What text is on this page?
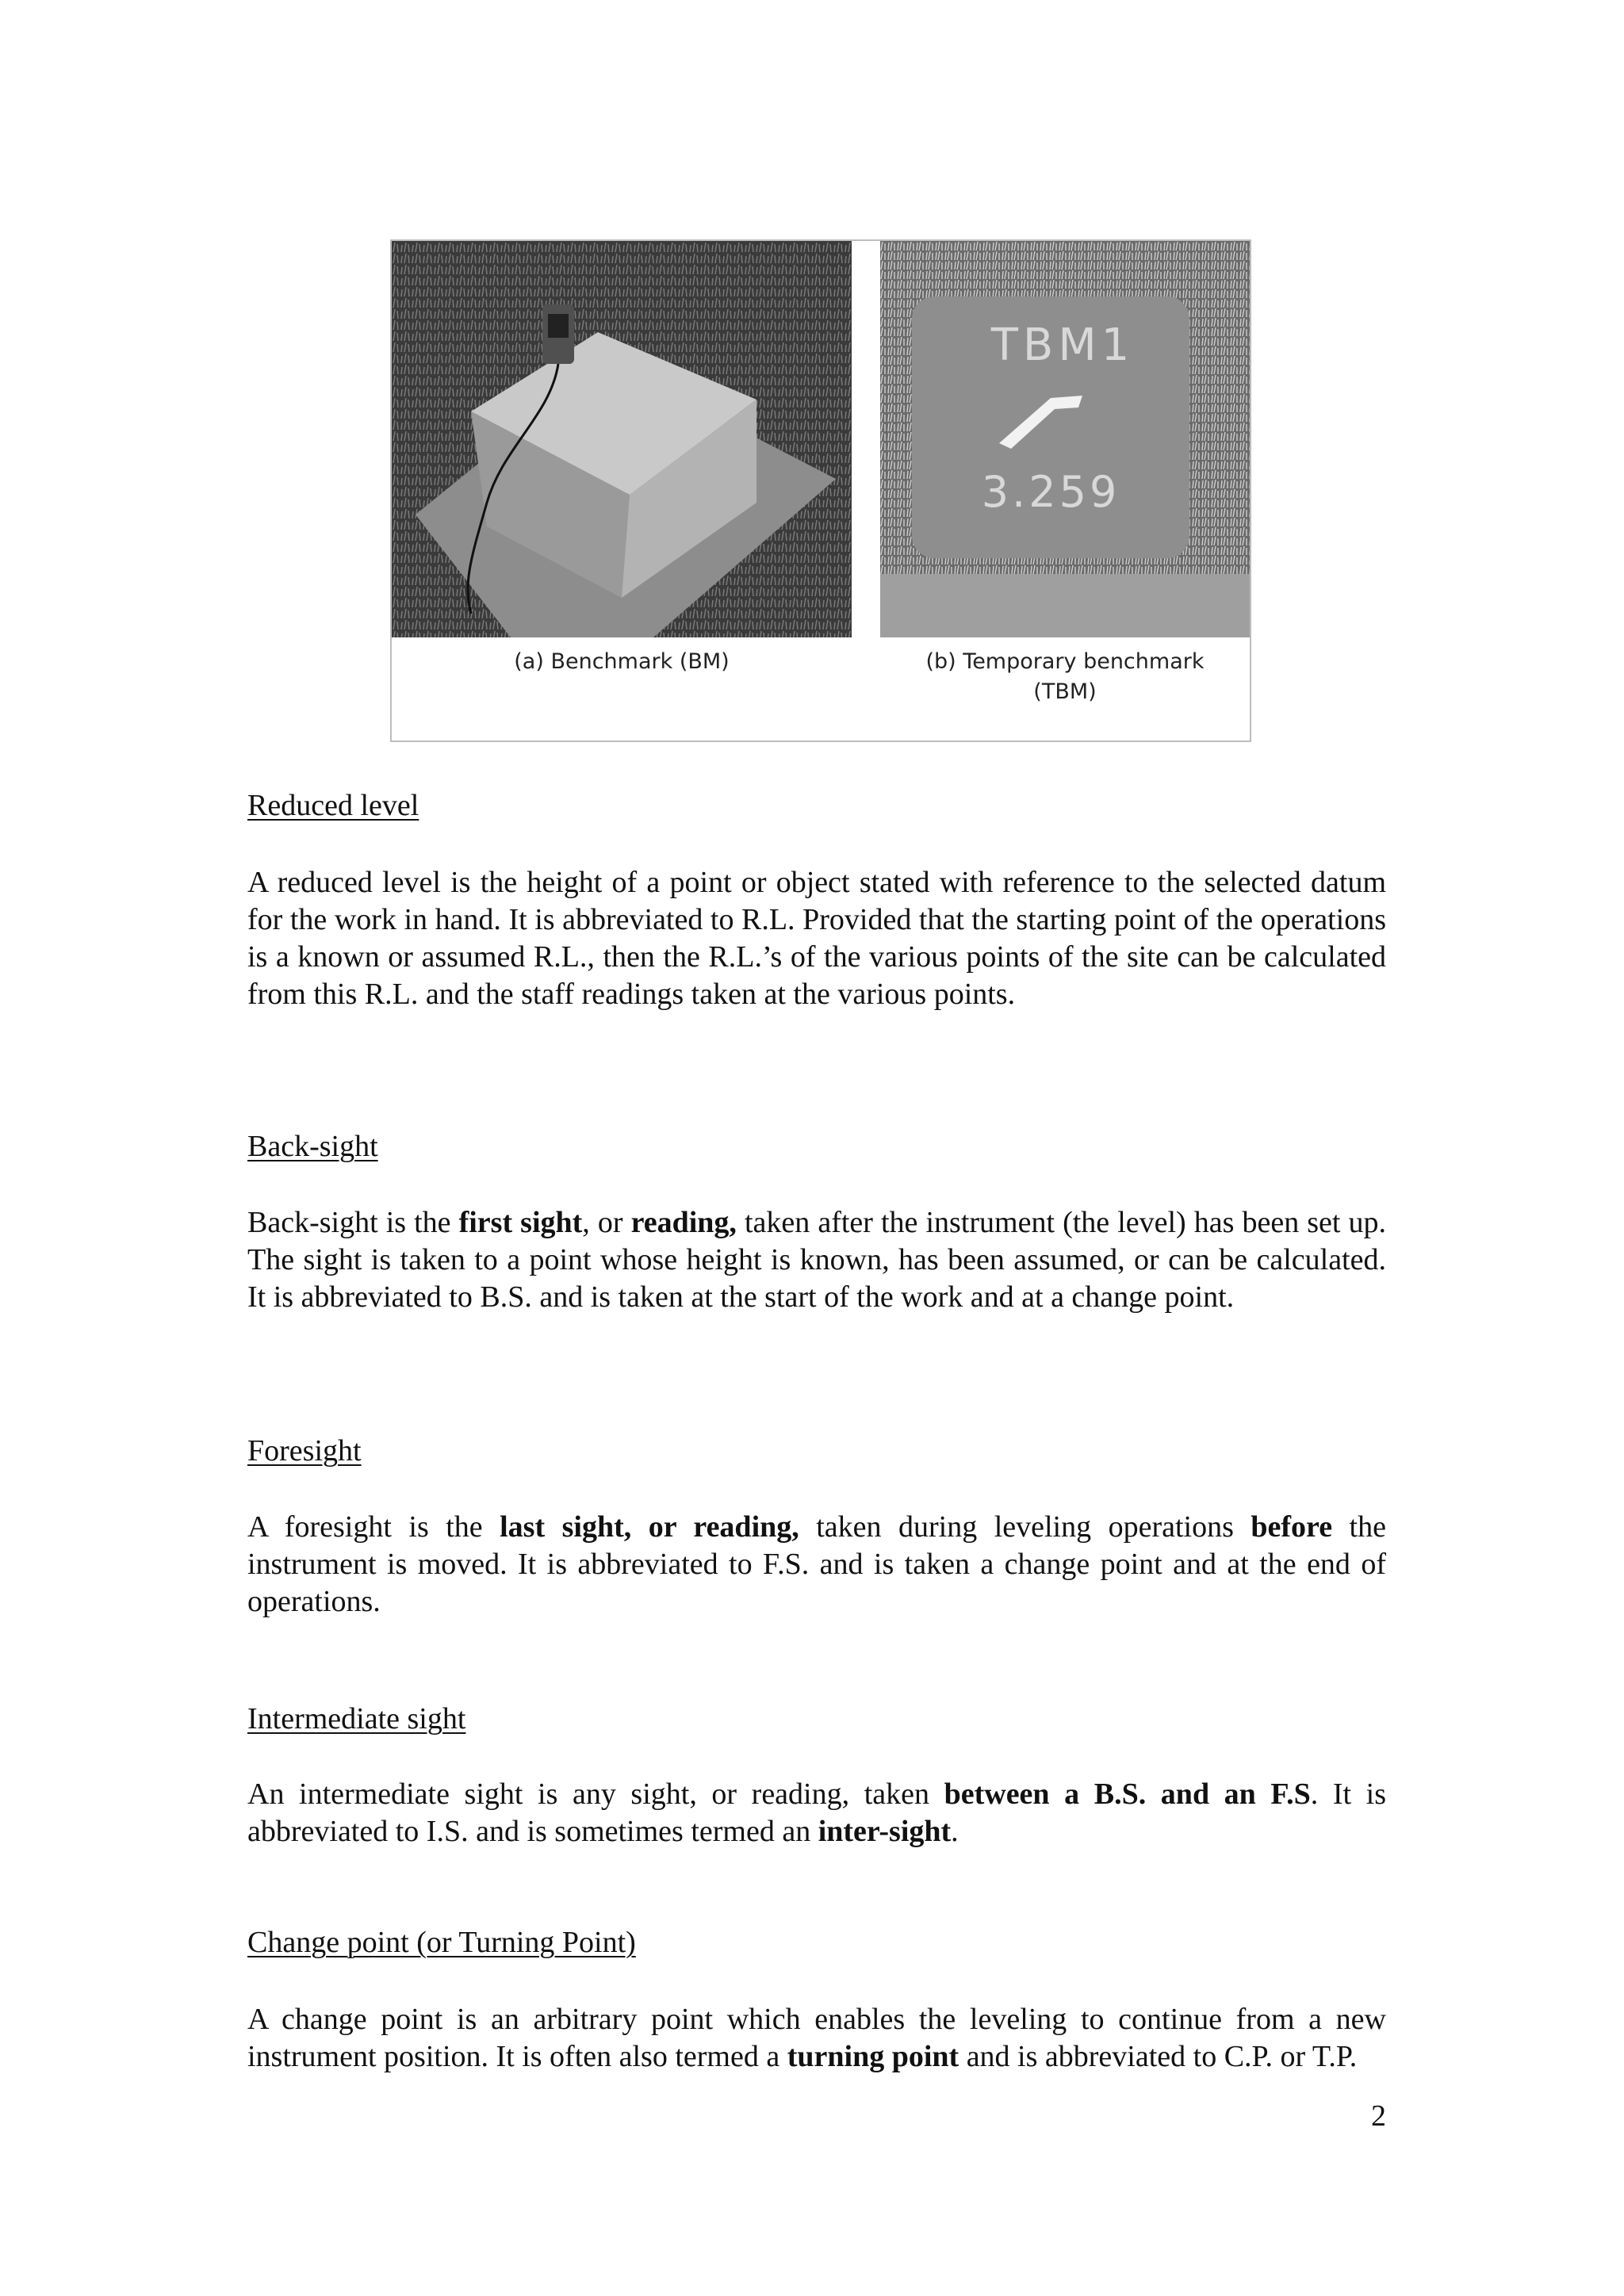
TBM1
3.259
(a) Benchmark (BM)	(b) Temporary benchmark
(TBM)
Reduced level

A reduced level is the height of a point or object stated with reference to the selected datum for the work in hand. It is abbreviated to R.L. Provided that the starting point of the operations is a known or assumed R.L., then the R.L.’s of the various points of the site can be calculated from this R.L. and the staff readings taken at the various points.

Back-sight

Back-sight is the first sight, or reading, taken after the instrument (the level) has been set up. The sight is taken to a point whose height is known, has been assumed, or can be calculated. It is abbreviated to B.S. and is taken at the start of the work and at a change point.

Foresight

A foresight is the last sight, or reading, taken during leveling operations before the instrument is moved. It is abbreviated to F.S. and is taken a change point and at the end of operations.

Intermediate sight

An intermediate sight is any sight, or reading, taken between a B.S. and an F.S. It is abbreviated to I.S. and is sometimes termed an inter-sight.

Change point (or Turning Point)

A change point is an arbitrary point which enables the leveling to continue from a new instrument position. It is often also termed a turning point and is abbreviated to C.P. or T.P.

2
